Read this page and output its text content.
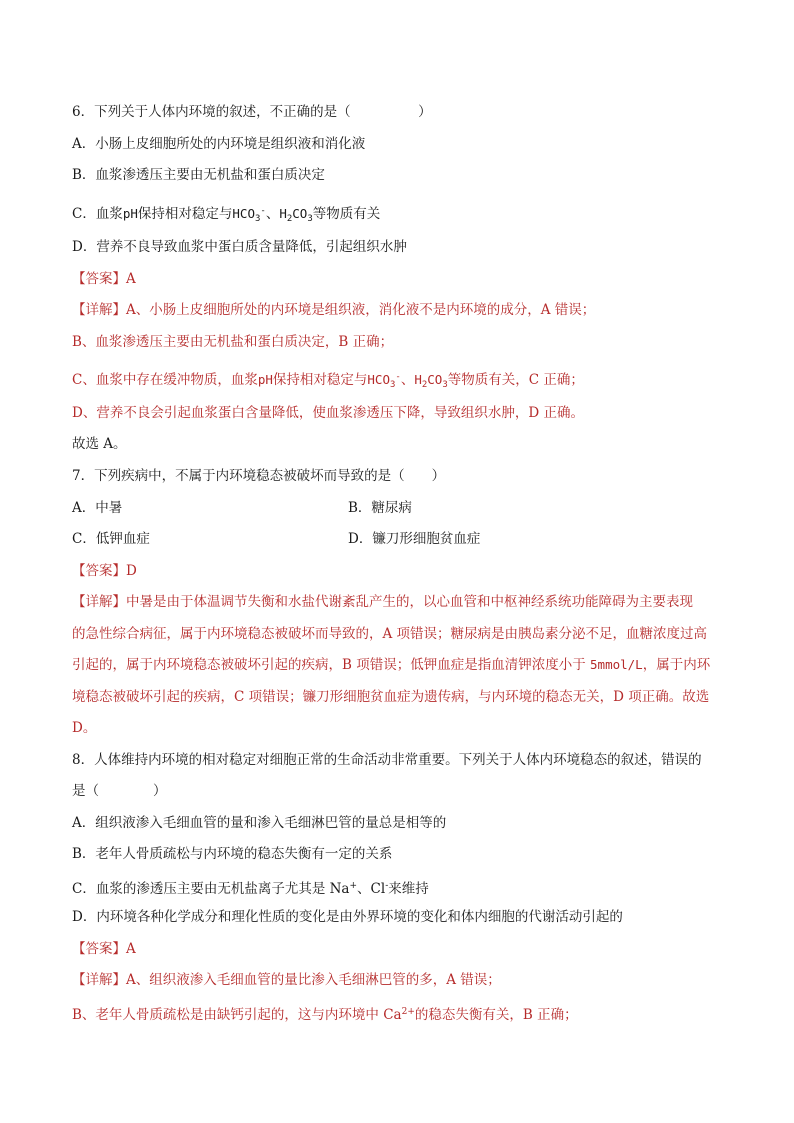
6．下列关于人体内环境的叙述，不正确的是（　　　　　）
A．小肠上皮细胞所处的内环境是组织液和消化液
B．血浆渗透压主要由无机盐和蛋白质决定
C．血浆pH保持相对稳定与$HCO_3^-$、$H_2CO_3$等物质有关
D．营养不良导致血浆中蛋白质含量降低，引起组织水肿
【答案】A
【详解】A、小肠上皮细胞所处的内环境是组织液，消化液不是内环境的成分，A 错误；
B、血浆渗透压主要由无机盐和蛋白质决定，B 正确；
C、血浆中存在缓冲物质，血浆pH保持相对稳定与$HCO_3^-$、$H_2CO_3$等物质有关，C 正确；
D、营养不良会引起血浆蛋白含量降低，使血浆渗透压下降，导致组织水肿，D 正确。
故选 A。
7．下列疾病中，不属于内环境稳态被破坏而导致的是（　　）
A．中暑	B．糖尿病
C．低钾血症	D．镰刀形细胞贫血症
【答案】D
【详解】中暑是由于体温调节失衡和水盐代谢紊乱产生的，以心血管和中枢神经系统功能障碍为主要表现
的急性综合病征，属于内环境稳态被破坏而导致的，A 项错误；糖尿病是由胰岛素分泌不足，血糖浓度过高
引起的，属于内环境稳态被破坏引起的疾病，B 项错误；低钾血症是指血清钾浓度小于 5mmol/L，属于内环
境稳态被破坏引起的疾病，C 项错误；镰刀形细胞贫血症为遗传病，与内环境的稳态无关，D 项正确。故选
D。
8．人体维持内环境的相对稳定对细胞正常的生命活动非常重要。下列关于人体内环境稳态的叙述，错误的
是（　　　　）
A．组织液渗入毛细血管的量和渗入毛细淋巴管的量总是相等的
B．老年人骨质疏松与内环境的稳态失衡有一定的关系
C．血浆的渗透压主要由无机盐离子尤其是 Na+、Cl-来维持
D．内环境各种化学成分和理化性质的变化是由外界环境的变化和体内细胞的代谢活动引起的
【答案】A
【详解】A、组织液渗入毛细血管的量比渗入毛细淋巴管的多，A 错误；
B、老年人骨质疏松是由缺钙引起的，这与内环境中 $Ca^{2+}$的稳态失衡有关，B 正确；
